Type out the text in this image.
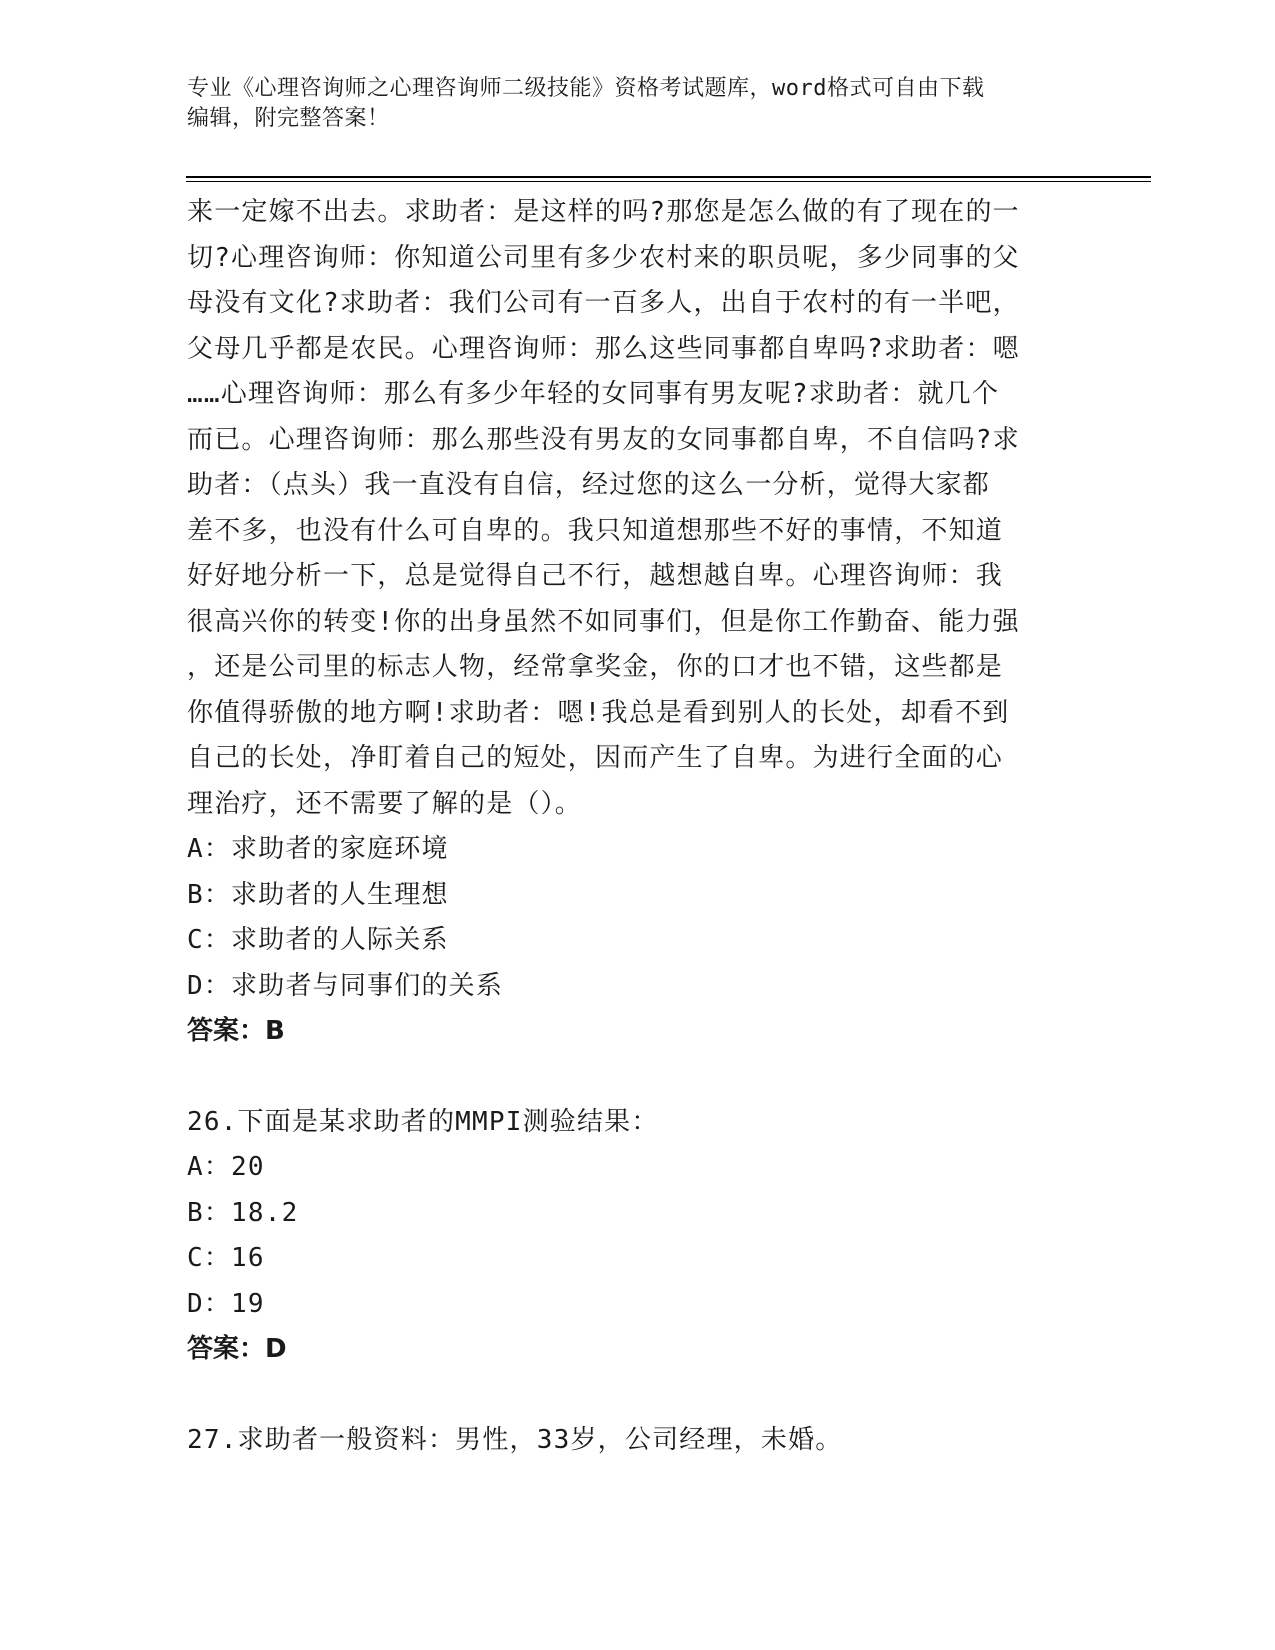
专业《心理咨询师之心理咨询师二级技能》资格考试题库，word格式可自由下载
编辑，附完整答案！
来一定嫁不出去。求助者：是这样的吗?那您是怎么做的有了现在的一
切?心理咨询师：你知道公司里有多少农村来的职员呢，多少同事的父
母没有文化?求助者：我们公司有一百多人，出自于农村的有一半吧，
父母几乎都是农民。心理咨询师：那么这些同事都自卑吗?求助者：嗯
……心理咨询师：那么有多少年轻的女同事有男友呢?求助者：就几个
而已。心理咨询师：那么那些没有男友的女同事都自卑，不自信吗?求
助者：（点头）我一直没有自信，经过您的这么一分析，觉得大家都
差不多，也没有什么可自卑的。我只知道想那些不好的事情，不知道
好好地分析一下，总是觉得自己不行，越想越自卑。心理咨询师：我
很高兴你的转变!你的出身虽然不如同事们，但是你工作勤奋、能力强
，还是公司里的标志人物，经常拿奖金，你的口才也不错，这些都是
你值得骄傲的地方啊!求助者：嗯!我总是看到别人的长处，却看不到
自己的长处，净盯着自己的短处，因而产生了自卑。为进行全面的心
理治疗，还不需要了解的是（）。
A：求助者的家庭环境
B：求助者的人生理想
C：求助者的人际关系
D：求助者与同事们的关系
答案：B
26.下面是某求助者的MMPI测验结果：
A：20
B：18.2
C：16
D：19
答案：D
27.求助者一般资料：男性，33岁，公司经理，未婚。
